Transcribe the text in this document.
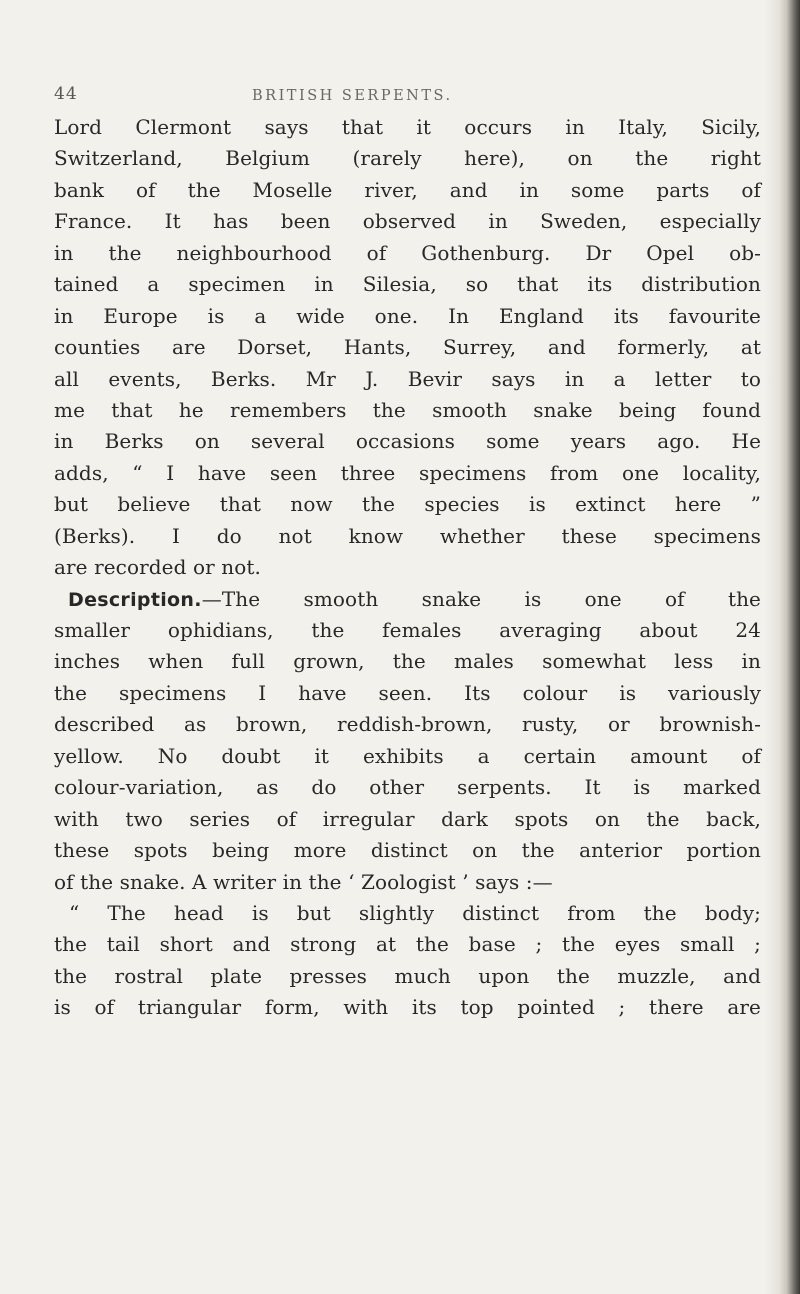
44	BRITISH SERPENTS.
Lord Clermont says that it occurs in Italy, Sicily,
Switzerland, Belgium (rarely here), on the right
bank of the Moselle river, and in some parts of
France. It has been observed in Sweden, especially
in the neighbourhood of Gothenburg. Dr Opel ob-
tained a specimen in Silesia, so that its distribution
in Europe is a wide one. In England its favourite
counties are Dorset, Hants, Surrey, and formerly, at
all events, Berks. Mr J. Bevir says in a letter to
me that he remembers the smooth snake being found
in Berks on several occasions some years ago. He
adds, “ I have seen three specimens from one locality,
but believe that now the species is extinct here ”
(Berks). I do not know whether these specimens
are recorded or not.
Description.—The smooth snake is one of the
smaller ophidians, the females averaging about 24
inches when full grown, the males somewhat less in
the specimens I have seen. Its colour is variously
described as brown, reddish-brown, rusty, or brownish-
yellow. No doubt it exhibits a certain amount of
colour-variation, as do other serpents. It is marked
with two series of irregular dark spots on the back,
these spots being more distinct on the anterior portion
of the snake. A writer in the ‘ Zoologist ’ says :—
“ The head is but slightly distinct from the body;
the tail short and strong at the base ; the eyes small ;
the rostral plate presses much upon the muzzle, and
is of triangular form, with its top pointed ; there are
